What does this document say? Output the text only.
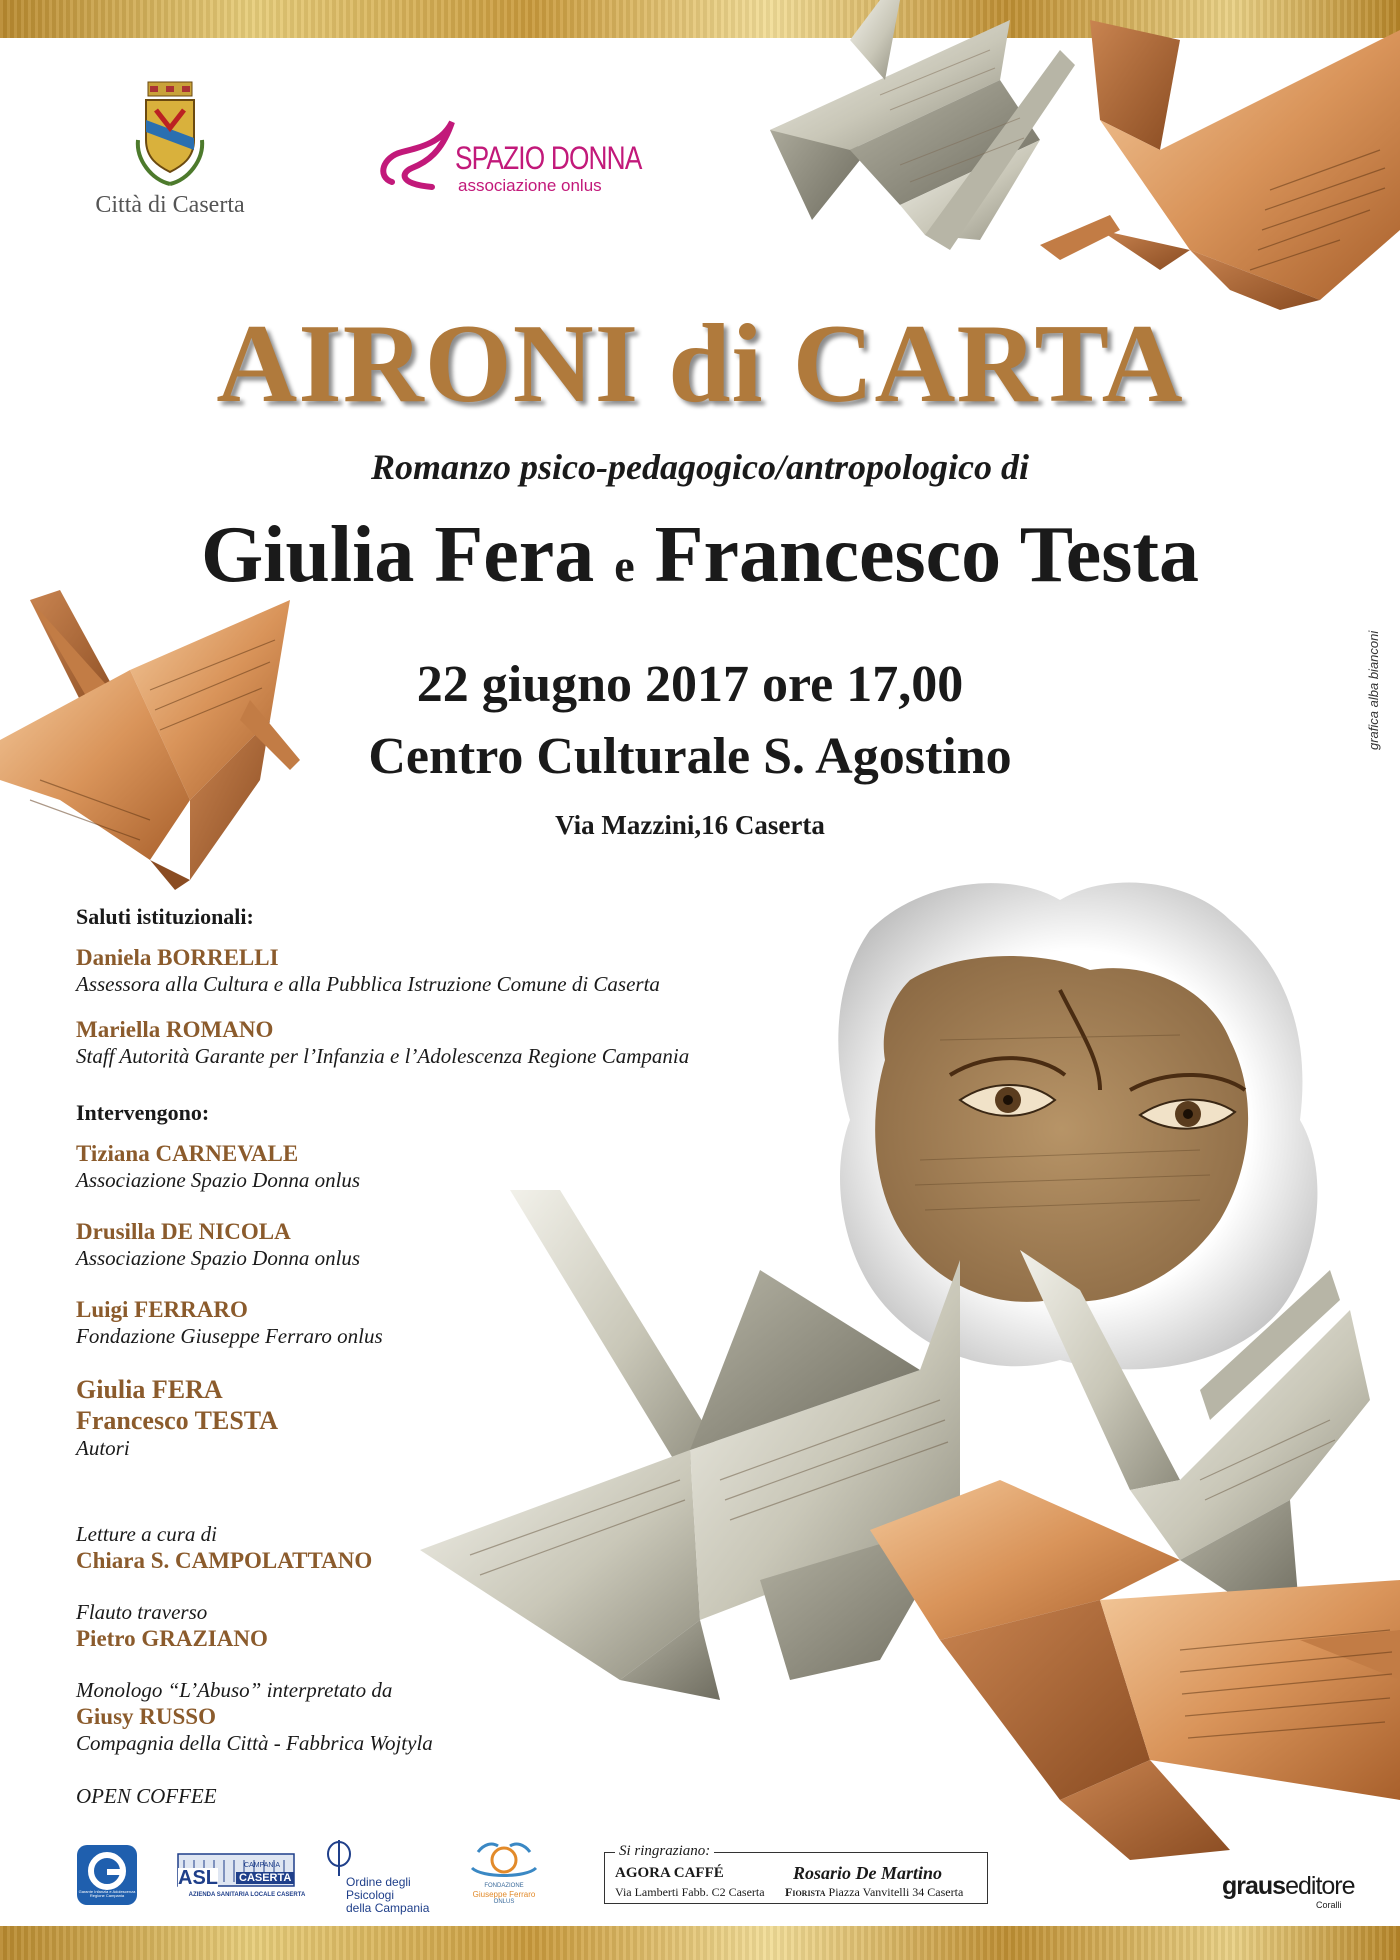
Città di Caserta
SPAZIO DONNA
associazione onlus
AIRONI di CARTA
Romanzo psico-pedagogico/antropologico di
Giulia Fera e Francesco Testa
22 giugno 2017 ore 17,00
Centro Culturale S. Agostino
Via Mazzini,16 Caserta
grafica alba bianconi
Saluti istituzionali:
Daniela BORRELLI
Assessora alla Cultura e alla Pubblica Istruzione Comune di Caserta
Mariella ROMANO
Staff Autorità Garante per l’Infanzia e l’Adolescenza Regione Campania
Intervengono:
Tiziana CARNEVALE
Associazione Spazio Donna onlus
Drusilla DE NICOLA
Associazione Spazio Donna onlus
Luigi FERRARO
Fondazione Giuseppe Ferraro onlus
Giulia FERA
Francesco TESTA
Autori
Letture a cura di
Chiara S. CAMPOLATTANO
Flauto traverso
Pietro GRAZIANO
Monologo “L’Abuso” interpretato da
Giusy RUSSO
Compagnia della Città - Fabbrica Wojtyla
OPEN COFFEE
Garante Infanzia e Adolescenza Regione Campania
ASL CASERTA
CAMPANIA
AZIENDA SANITARIA LOCALE CASERTA
Ordine degli Psicologi
della Campania
FONDAZIONE
Giuseppe Ferraro
ONLUS
Si ringraziano:
AGORA CAFFÉ
Via Lamberti Fabb. C2 Caserta
Rosario De Martino
Fiorista Piazza Vanvitelli 34 Caserta	grauseditore
Coralli
